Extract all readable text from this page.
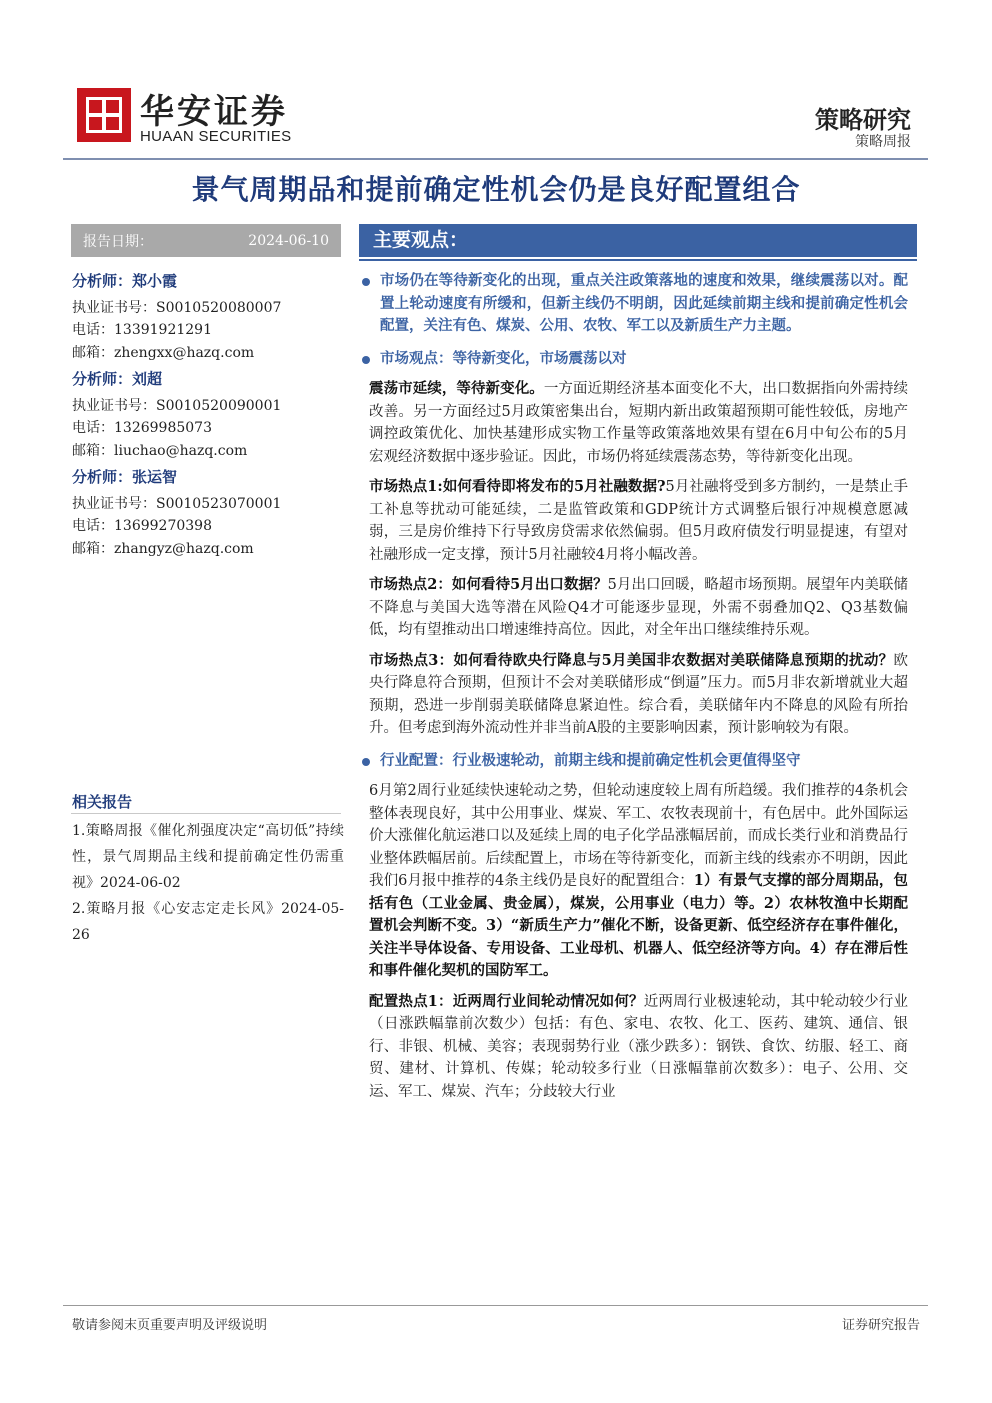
华安证券
HUAAN SECURITIES
策略研究
策略周报
景气周期品和提前确定性机会仍是良好配置组合
报告日期：	2024-06-10
分析师：郑小霞
执业证书号：S0010520080007
电话：13391921291
邮箱：zhengxx@hazq.com
分析师：刘超
执业证书号：S0010520090001
电话：13269985073
邮箱：liuchao@hazq.com
分析师：张运智
执业证书号：S0010523070001
电话：13699270398
邮箱：zhangyz@hazq.com
相关报告
1.策略周报《催化剂强度决定“高切低”持续性，景气周期品主线和提前确定性仍需重视》2024-06-02
2.策略月报《心安志定走长风》2024-05-26
主要观点：
市场仍在等待新变化的出现，重点关注政策落地的速度和效果，继续震荡以对。配置上轮动速度有所缓和，但新主线仍不明朗，因此延续前期主线和提前确定性机会配置，关注有色、煤炭、公用、农牧、军工以及新质生产力主题。
市场观点：等待新变化，市场震荡以对

震荡市延续，等待新变化。一方面近期经济基本面变化不大，出口数据指向外需持续改善。另一方面经过5月政策密集出台，短期内新出政策超预期可能性较低，房地产调控政策优化、加快基建形成实物工作量等政策落地效果有望在6月中旬公布的5月宏观经济数据中逐步验证。因此，市场仍将延续震荡态势，等待新变化出现。

市场热点1:如何看待即将发布的5月社融数据?5月社融将受到多方制约，一是禁止手工补息等扰动可能延续，二是监管政策和GDP统计方式调整后银行冲规模意愿减弱，三是房价维持下行导致房贷需求依然偏弱。但5月政府债发行明显提速，有望对社融形成一定支撑，预计5月社融较4月将小幅改善。

市场热点2：如何看待5月出口数据？5月出口回暖，略超市场预期。展望年内美联储不降息与美国大选等潜在风险Q4才可能逐步显现，外需不弱叠加Q2、Q3基数偏低，均有望推动出口增速维持高位。因此，对全年出口继续维持乐观。

市场热点3：如何看待欧央行降息与5月美国非农数据对美联储降息预期的扰动？欧央行降息符合预期，但预计不会对美联储形成“倒逼”压力。而5月非农新增就业大超预期，恐进一步削弱美联储降息紧迫性。综合看，美联储年内不降息的风险有所抬升。但考虑到海外流动性并非当前A股的主要影响因素，预计影响较为有限。

行业配置：行业极速轮动，前期主线和提前确定性机会更值得坚守

6月第2周行业延续快速轮动之势，但轮动速度较上周有所趋缓。我们推荐的4条机会整体表现良好，其中公用事业、煤炭、军工、农牧表现前十，有色居中。此外国际运价大涨催化航运港口以及延续上周的电子化学品涨幅居前，而成长类行业和消费品行业整体跌幅居前。后续配置上，市场在等待新变化，而新主线的线索亦不明朗，因此我们6月报中推荐的4条主线仍是良好的配置组合：1）有景气支撑的部分周期品，包括有色（工业金属、贵金属），煤炭，公用事业（电力）等。2）农林牧渔中长期配置机会判断不变。3）“新质生产力”催化不断，设备更新、低空经济存在事件催化，关注半导体设备、专用设备、工业母机、机器人、低空经济等方向。4）存在滞后性和事件催化契机的国防军工。

配置热点1：近两周行业间轮动情况如何？近两周行业极速轮动，其中轮动较少行业（日涨跌幅靠前次数少）包括：有色、家电、农牧、化工、医药、建筑、通信、银行、非银、机械、美容；表现弱势行业（涨少跌多）：钢铁、食饮、纺服、轻工、商贸、建材、计算机、传媒；轮动较多行业（日涨幅靠前次数多）：电子、公用、交运、军工、煤炭、汽车；分歧较大行业

敬请参阅末页重要声明及评级说明	证券研究报告
